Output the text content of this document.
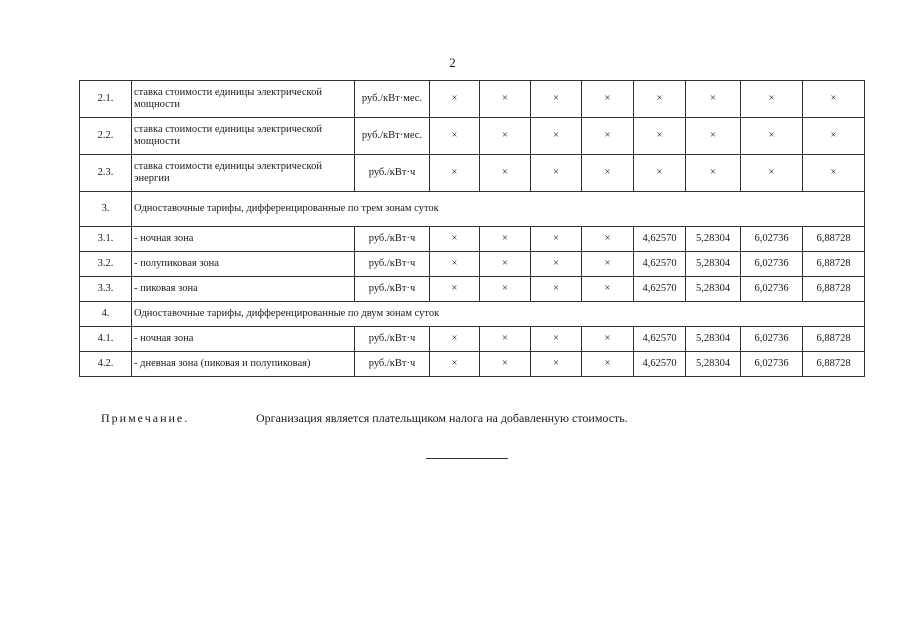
2
2.1.	ставка стоимости единицы электрической мощности	руб./кВт·мес.	×	×	×	×	×	×	×	×
2.2.	ставка стоимости единицы электрической мощности	руб./кВт·мес.	×	×	×	×	×	×	×	×
2.3.	ставка стоимости единицы электрической энергии	руб./кВт·ч	×	×	×	×	×	×	×	×
3.	Одноставочные тарифы, дифференцированные по трем зонам суток									
3.1.	- ночная зона	руб./кВт·ч	×	×	×	×	4,62570	5,28304	6,02736	6,88728
3.2.	- полупиковая зона	руб./кВт·ч	×	×	×	×	4,62570	5,28304	6,02736	6,88728
3.3.	- пиковая зона	руб./кВт·ч	×	×	×	×	4,62570	5,28304	6,02736	6,88728
4.	Одноставочные тарифы, дифференцированные по двум зонам суток									
4.1.	- ночная зона	руб./кВт·ч	×	×	×	×	4,62570	5,28304	6,02736	6,88728
4.2.	- дневная зона (пиковая и полупиковая)	руб./кВт·ч	×	×	×	×	4,62570	5,28304	6,02736	6,88728
Примечание.	Организация является плательщиком налога на добавленную стоимость.
